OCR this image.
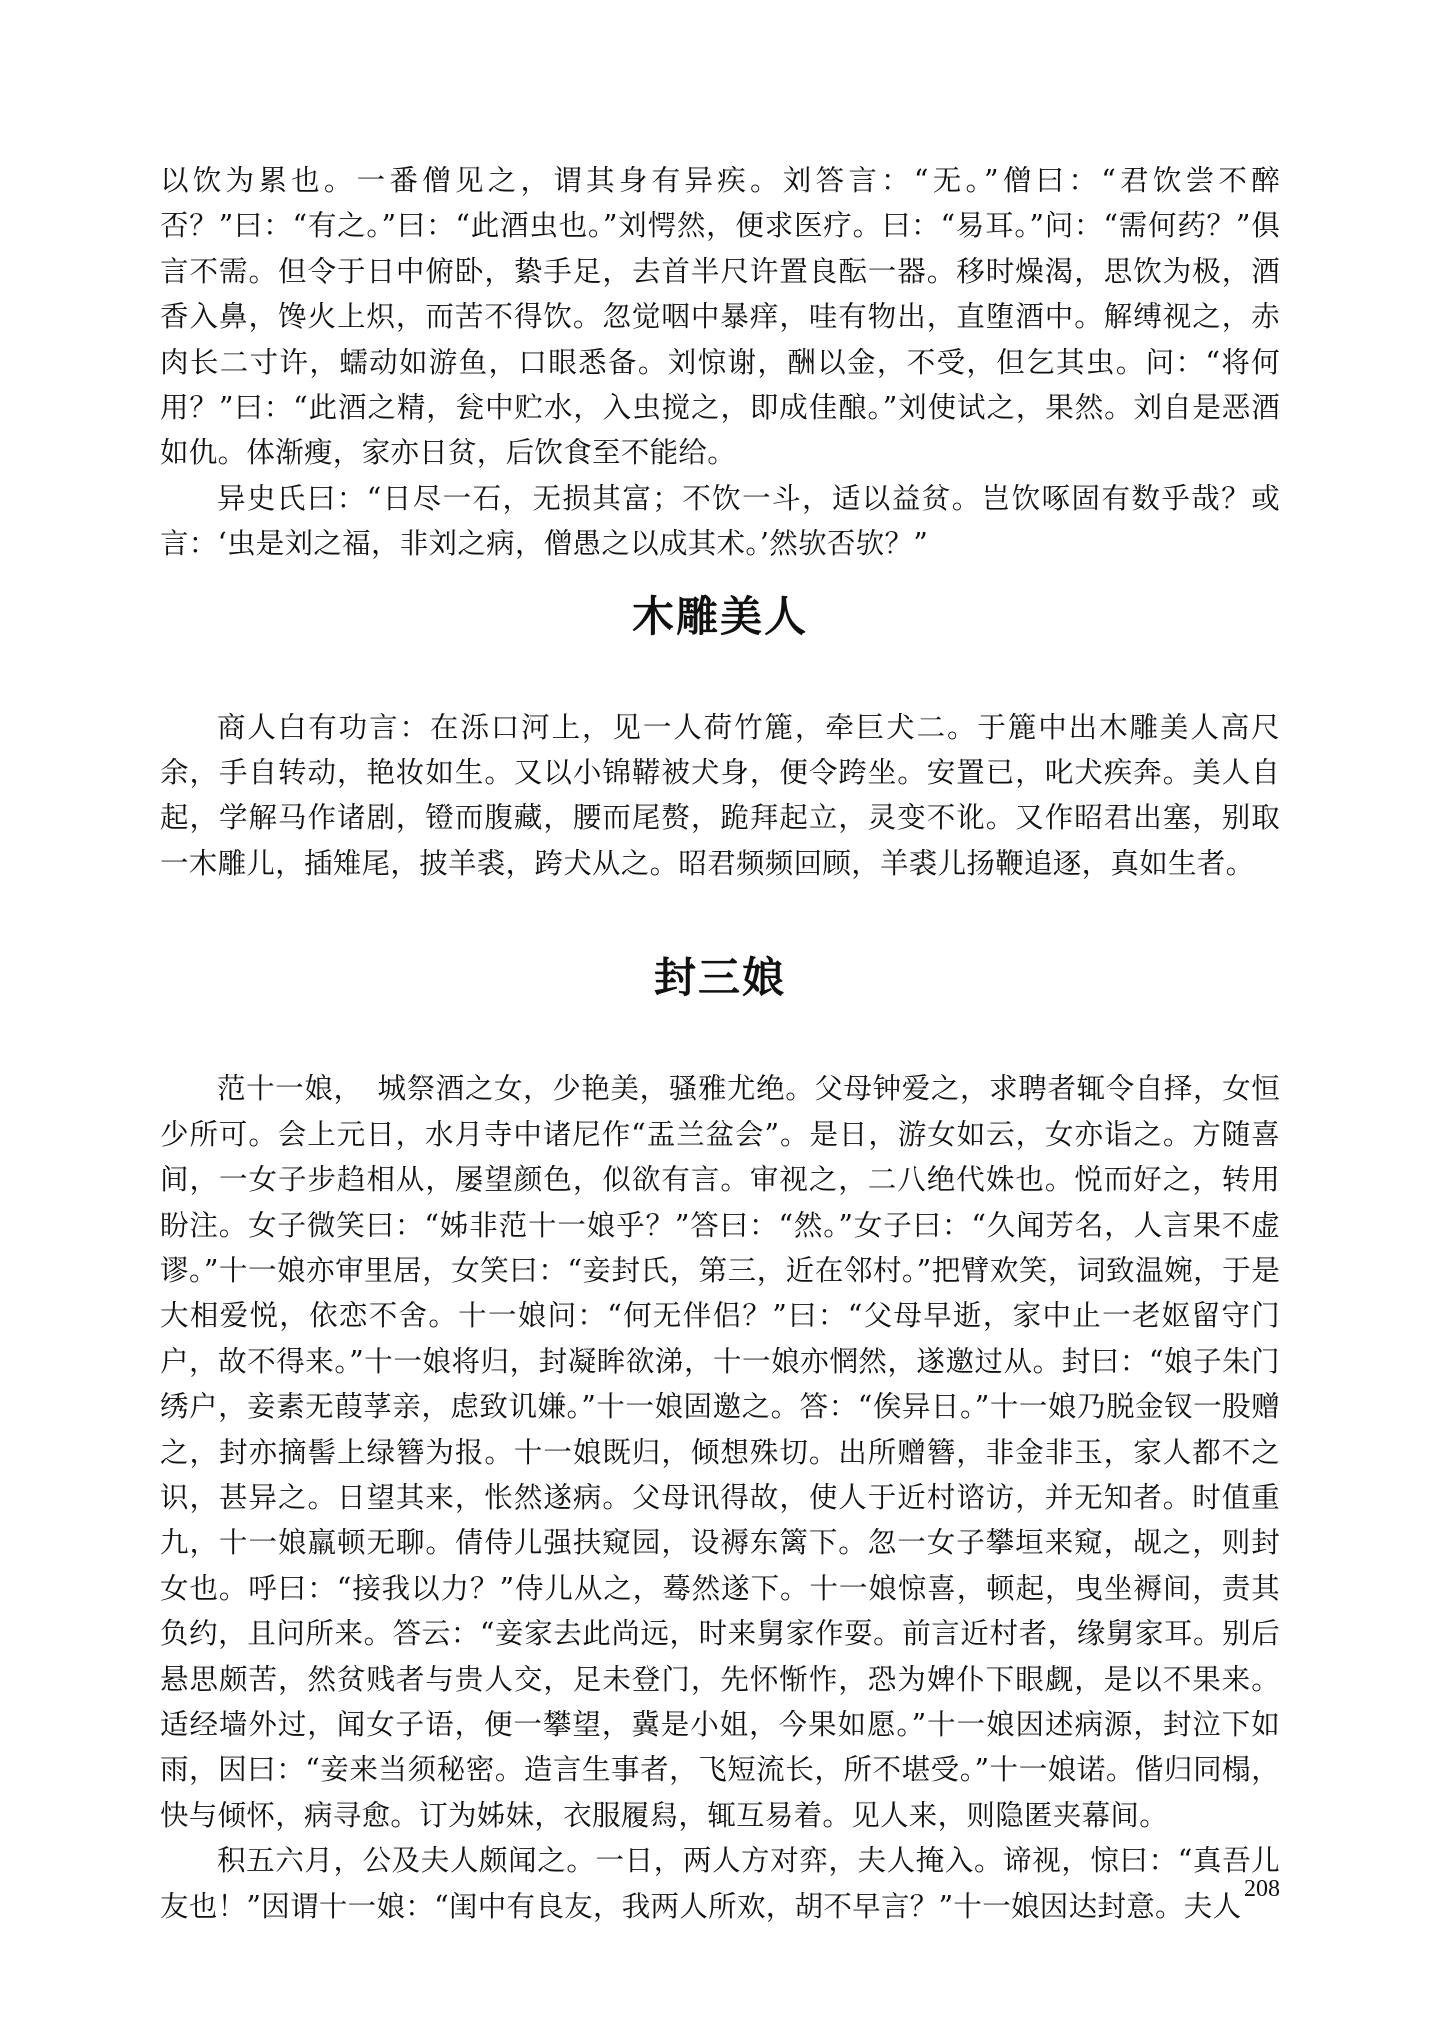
以饮为累也。一番僧见之，谓其身有异疾。刘答言：“无。”僧曰：“君饮尝不醉否？”曰：“有之。”曰：“此酒虫也。”刘愕然，便求医疗。曰：“易耳。”问：“需何药？”俱言不需。但令于日中俯卧，絷手足，去首半尺许置良酝一器。移时燥渴，思饮为极，酒香入鼻，馋火上炽，而苦不得饮。忽觉咽中暴痒，哇有物出，直堕酒中。解缚视之，赤肉长二寸许，蠕动如游鱼，口眼悉备。刘惊谢，酬以金，不受，但乞其虫。问：“将何用？”曰：“此酒之精，瓮中贮水，入虫搅之，即成佳酿。”刘使试之，果然。刘自是恶酒如仇。体渐瘦，家亦日贫，后饮食至不能给。

异史氏曰：“日尽一石，无损其富；不饮一斗，适以益贫。岂饮啄固有数乎哉？或言：‘虫是刘之福，非刘之病，僧愚之以成其术。’然欤否欤？”

木雕美人

商人白有功言：在泺口河上，见一人荷竹簏，牵巨犬二。于簏中出木雕美人高尺余，手自转动，艳妆如生。又以小锦鞯被犬身，便令跨坐。安置已，叱犬疾奔。美人自起，学解马作诸剧，镫而腹藏，腰而尾赘，跪拜起立，灵变不讹。又作昭君出塞，别取一木雕儿，插雉尾，披羊裘，跨犬从之。昭君频频回顾，羊裘儿扬鞭追逐，真如生者。

封三娘

范十一娘，　城祭酒之女，少艳美，骚雅尤绝。父母钟爱之，求聘者辄令自择，女恒少所可。会上元日，水月寺中诸尼作“盂兰盆会”。是日，游女如云，女亦诣之。方随喜间，一女子步趋相从，屡望颜色，似欲有言。审视之，二八绝代姝也。悦而好之，转用盼注。女子微笑曰：“姊非范十一娘乎？”答曰：“然。”女子曰：“久闻芳名，人言果不虚谬。”十一娘亦审里居，女笑曰：“妾封氏，第三，近在邻村。”把臂欢笑，词致温婉，于是大相爱悦，依恋不舍。十一娘问：“何无伴侣？”曰：“父母早逝，家中止一老妪留守门户，故不得来。”十一娘将归，封凝眸欲涕，十一娘亦惘然，遂邀过从。封曰：“娘子朱门绣户，妾素无葭莩亲，虑致讥嫌。”十一娘固邀之。答：“俟异日。”十一娘乃脱金钗一股赠之，封亦摘髻上绿簪为报。十一娘既归，倾想殊切。出所赠簪，非金非玉，家人都不之识，甚异之。日望其来，怅然遂病。父母讯得故，使人于近村谘访，并无知者。时值重九，十一娘羸顿无聊。倩侍儿强扶窥园，设褥东篱下。忽一女子攀垣来窥，觇之，则封女也。呼曰：“接我以力？”侍儿从之，蓦然遂下。十一娘惊喜，顿起，曳坐褥间，责其负约，且问所来。答云：“妾家去此尚远，时来舅家作耍。前言近村者，缘舅家耳。别后悬思颇苦，然贫贱者与贵人交，足未登门，先怀惭怍，恐为婢仆下眼觑，是以不果来。适经墙外过，闻女子语，便一攀望，冀是小姐，今果如愿。”十一娘因述病源，封泣下如雨，因曰：“妾来当须秘密。造言生事者，飞短流长，所不堪受。”十一娘诺。偕归同榻，快与倾怀，病寻愈。订为姊妹，衣服履舄，辄互易着。见人来，则隐匿夹幕间。

积五六月，公及夫人颇闻之。一日，两人方对弈，夫人掩入。谛视，惊曰：“真吾儿友也！”因谓十一娘：“闺中有良友，我两人所欢，胡不早言？”十一娘因达封意。夫人

208
